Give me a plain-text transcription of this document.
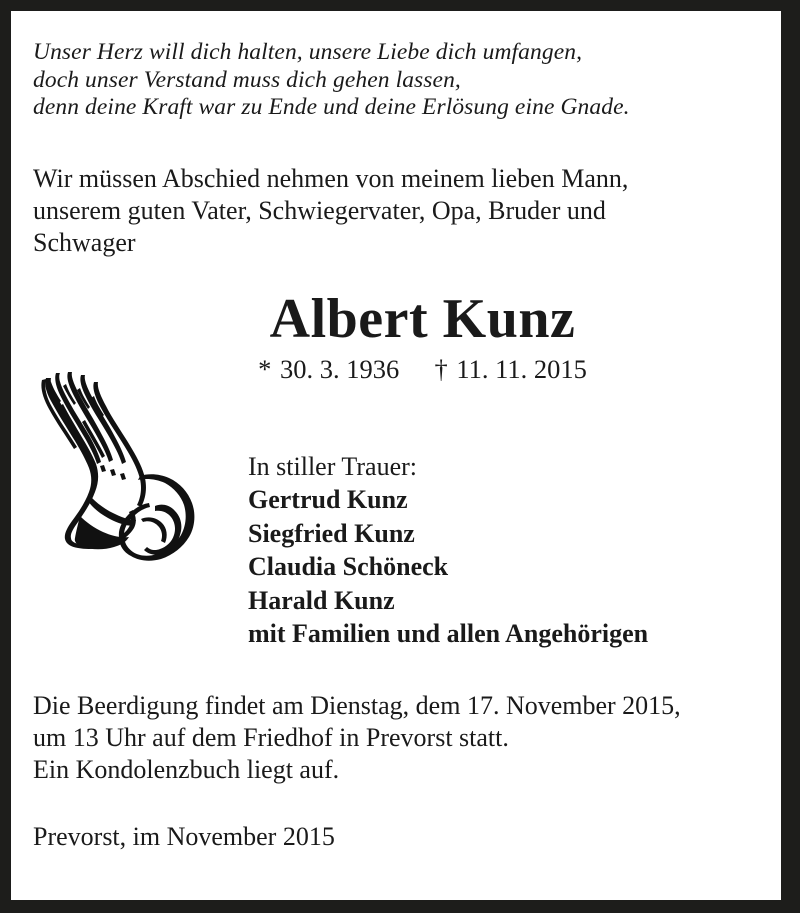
Unser Herz will dich halten, unsere Liebe dich umfangen,
doch unser Verstand muss dich gehen lassen,
denn deine Kraft war zu Ende und deine Erlösung eine Gnade.
Wir müssen Abschied nehmen von meinem lieben Mann,
unserem guten Vater, Schwiegervater, Opa, Bruder und
Schwager
Albert Kunz
* 30. 3. 1936 † 11. 11. 2015
In stiller Trauer:
Gertrud Kunz
Siegfried Kunz
Claudia Schöneck
Harald Kunz
mit Familien und allen Angehörigen
Die Beerdigung findet am Dienstag, dem 17. November 2015,
um 13 Uhr auf dem Friedhof in Prevorst statt.
Ein Kondolenzbuch liegt auf.
Prevorst, im November 2015
